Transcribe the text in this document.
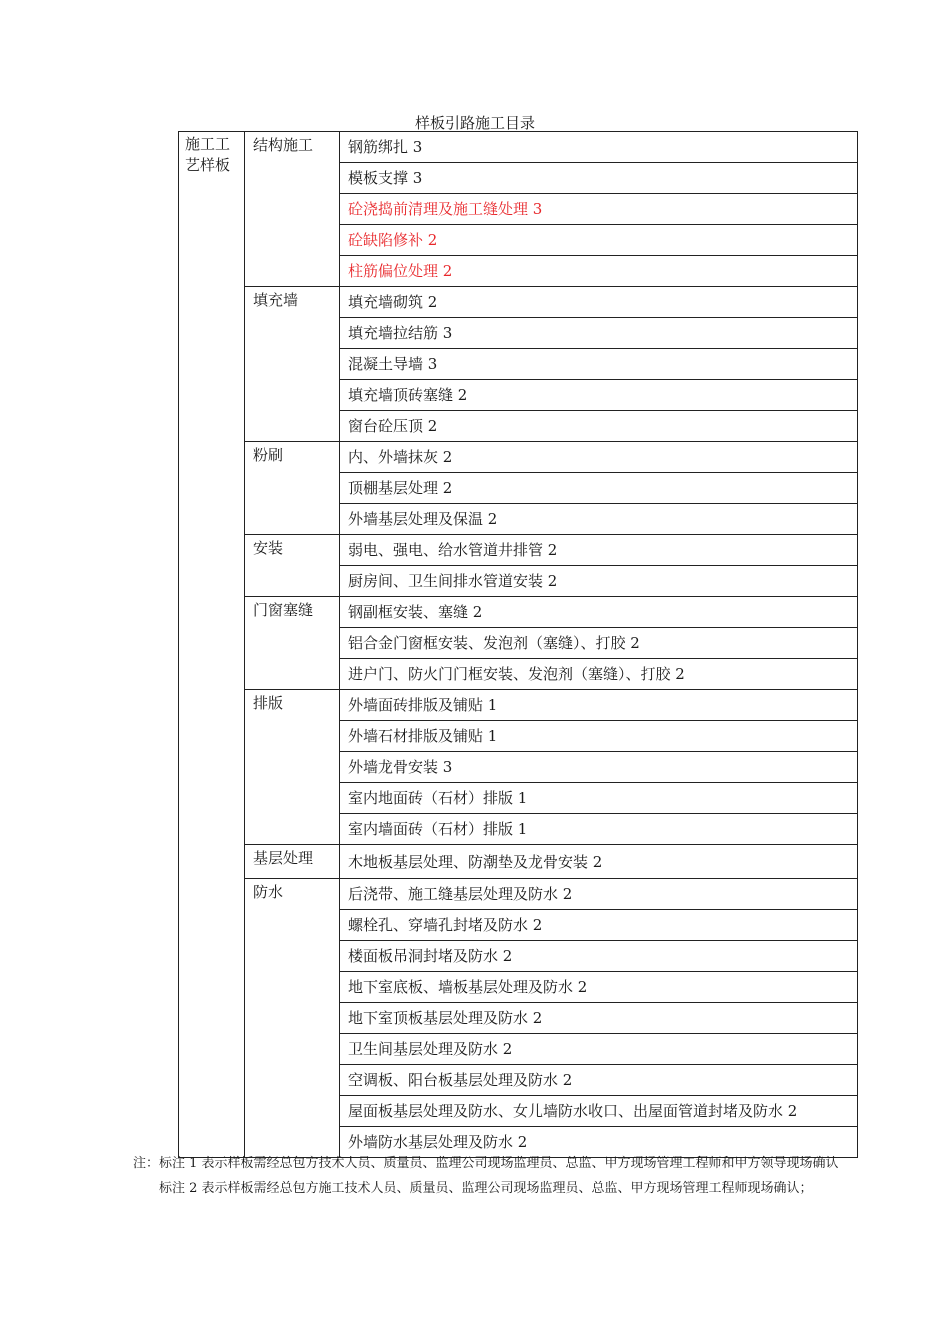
样板引路施工目录
施工工艺样板	结构施工	钢筋绑扎 3
		模板支撑 3
		砼浇捣前清理及施工缝处理 3
		砼缺陷修补 2
		柱筋偏位处理 2
	填充墙	填充墙砌筑 2
		填充墙拉结筋 3
		混凝土导墙 3
		填充墙顶砖塞缝 2
		窗台砼压顶 2
	粉刷	内、外墙抹灰 2
		顶棚基层处理 2
		外墙基层处理及保温 2
	安装	弱电、强电、给水管道井排管 2
		厨房间、卫生间排水管道安装 2
	门窗塞缝	钢副框安装、塞缝 2
		铝合金门窗框安装、发泡剂（塞缝）、打胶 2
		进户门、防火门门框安装、发泡剂（塞缝）、打胶 2
	排版	外墙面砖排版及铺贴 1
		外墙石材排版及铺贴 1
		外墙龙骨安装 3
		室内地面砖（石材）排版 1
		室内墙面砖（石材）排版 1
	基层处理	木地板基层处理、防潮垫及龙骨安装 2
	防水	后浇带、施工缝基层处理及防水 2
		螺栓孔、穿墙孔封堵及防水 2
		楼面板吊洞封堵及防水 2
		地下室底板、墙板基层处理及防水 2
		地下室顶板基层处理及防水 2
		卫生间基层处理及防水 2
		空调板、阳台板基层处理及防水 2
		屋面板基层处理及防水、女儿墙防水收口、出屋面管道封堵及防水 2
		外墙防水基层处理及防水 2

注：标注 1 表示样板需经总包方技术人员、质量员、监理公司现场监理员、总监、甲方现场管理工程师和甲方领导现场确认

标注 2 表示样板需经总包方施工技术人员、质量员、监理公司现场监理员、总监、甲方现场管理工程师现场确认；
